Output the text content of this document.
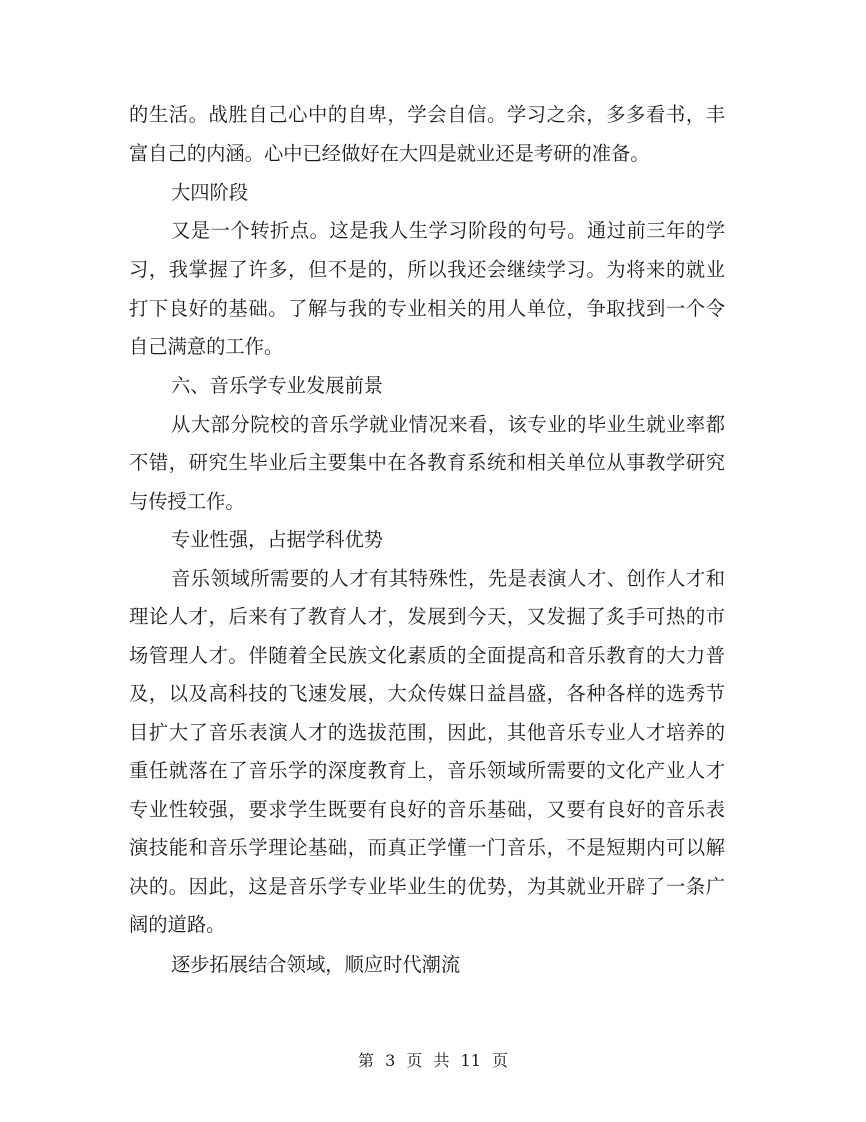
的生活。战胜自己心中的自卑，学会自信。学习之余，多多看书，丰
富自己的内涵。心中已经做好在大四是就业还是考研的准备。
大四阶段
又是一个转折点。这是我人生学习阶段的句号。通过前三年的学
习，我掌握了许多，但不是的，所以我还会继续学习。为将来的就业
打下良好的基础。了解与我的专业相关的用人单位，争取找到一个令
自己满意的工作。
六、音乐学专业发展前景
从大部分院校的音乐学就业情况来看，该专业的毕业生就业率都
不错，研究生毕业后主要集中在各教育系统和相关单位从事教学研究
与传授工作。
专业性强，占据学科优势
音乐领域所需要的人才有其特殊性，先是表演人才、创作人才和
理论人才，后来有了教育人才，发展到今天，又发掘了炙手可热的市
场管理人才。伴随着全民族文化素质的全面提高和音乐教育的大力普
及，以及高科技的飞速发展，大众传媒日益昌盛，各种各样的选秀节
目扩大了音乐表演人才的选拔范围，因此，其他音乐专业人才培养的
重任就落在了音乐学的深度教育上，音乐领域所需要的文化产业人才
专业性较强，要求学生既要有良好的音乐基础，又要有良好的音乐表
演技能和音乐学理论基础，而真正学懂一门音乐，不是短期内可以解
决的。因此，这是音乐学专业毕业生的优势，为其就业开辟了一条广
阔的道路。
逐步拓展结合领域，顺应时代潮流
第 3 页 共 11 页
